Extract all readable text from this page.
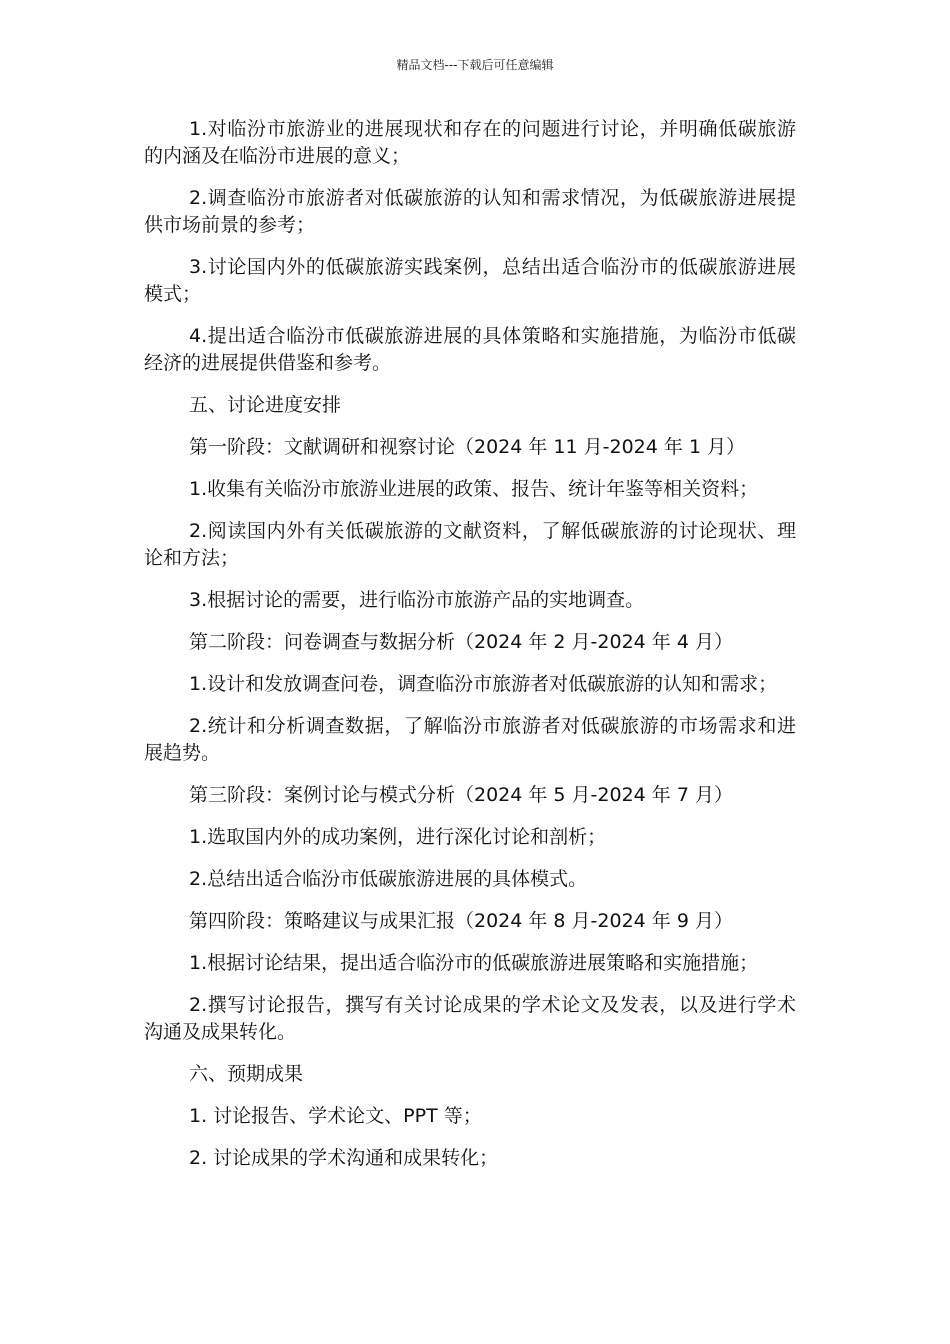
精品文档---下载后可任意编辑

1.对临汾市旅游业的进展现状和存在的问题进行讨论，并明确低碳旅游的内涵及在临汾市进展的意义；

2.调查临汾市旅游者对低碳旅游的认知和需求情况，为低碳旅游进展提供市场前景的参考；

3.讨论国内外的低碳旅游实践案例，总结出适合临汾市的低碳旅游进展模式；

4.提出适合临汾市低碳旅游进展的具体策略和实施措施，为临汾市低碳经济的进展提供借鉴和参考。

五、讨论进度安排

第一阶段：文献调研和视察讨论（2024 年 11 月-2024 年 1 月）

1.收集有关临汾市旅游业进展的政策、报告、统计年鉴等相关资料；

2.阅读国内外有关低碳旅游的文献资料，了解低碳旅游的讨论现状、理论和方法；

3.根据讨论的需要，进行临汾市旅游产品的实地调查。

第二阶段：问卷调查与数据分析（2024 年 2 月-2024 年 4 月）

1.设计和发放调查问卷，调查临汾市旅游者对低碳旅游的认知和需求；

2.统计和分析调查数据，了解临汾市旅游者对低碳旅游的市场需求和进展趋势。

第三阶段：案例讨论与模式分析（2024 年 5 月-2024 年 7 月）

1.选取国内外的成功案例，进行深化讨论和剖析；

2.总结出适合临汾市低碳旅游进展的具体模式。

第四阶段：策略建议与成果汇报（2024 年 8 月-2024 年 9 月）

1.根据讨论结果，提出适合临汾市的低碳旅游进展策略和实施措施；

2.撰写讨论报告，撰写有关讨论成果的学术论文及发表，以及进行学术沟通及成果转化。

六、预期成果

1. 讨论报告、学术论文、PPT 等；

2. 讨论成果的学术沟通和成果转化；
